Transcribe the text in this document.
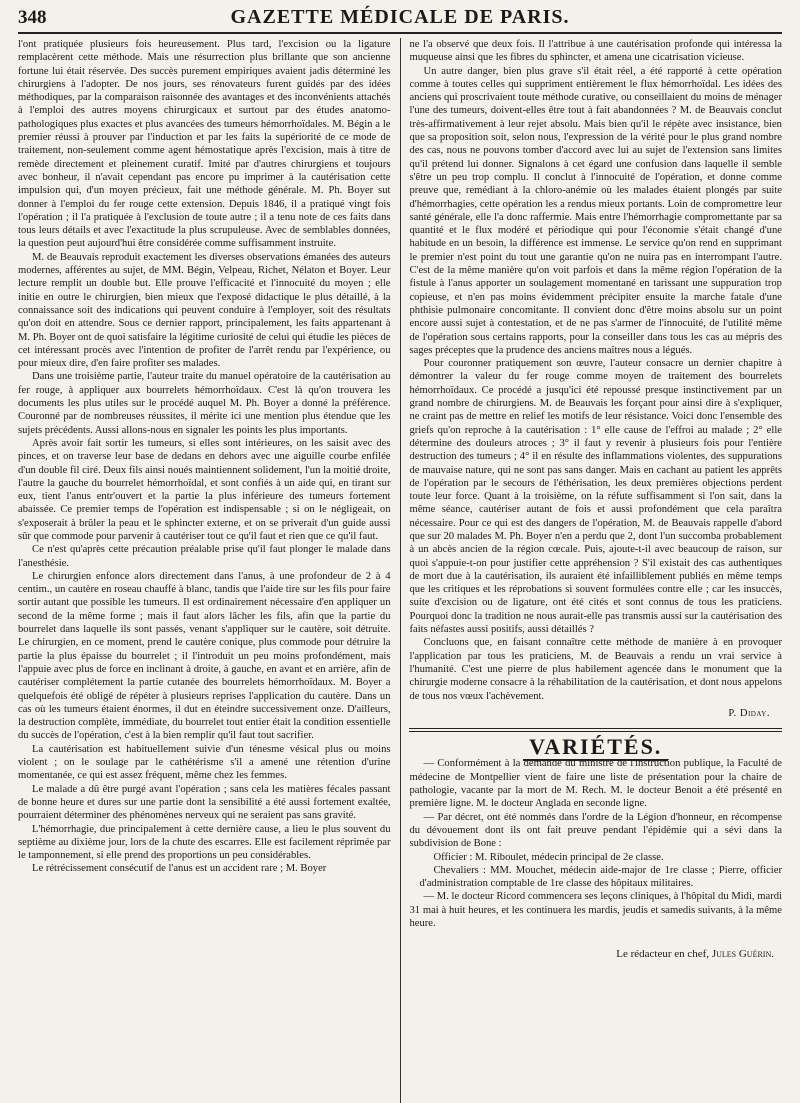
348	GAZETTE MÉDICALE DE PARIS.

l'ont pratiquée plusieurs fois heureusement. Plus tard, l'excision ou la ligature remplacèrent cette méthode. Mais une résurrection plus brillante que son ancienne fortune lui était réservée. Des succès purement empiriques avaient jadis déterminé les chirurgiens à l'adopter. De nos jours, ses rénovateurs furent guidés par des idées méthodiques, par la comparaison raisonnée des avantages et des inconvénients attachés à l'emploi des autres moyens chirurgicaux et surtout par des études anatomo-pathologiques plus exactes et plus avancées des tumeurs hémorrhoïdales. M. Bégin a le premier réussi à prouver par l'induction et par les faits la supériorité de ce mode de traitement, non-seulement comme agent hémostatique après l'excision, mais à titre de remède directement et pleinement curatif. Imité par d'autres chirurgiens et toujours avec bonheur, il n'avait cependant pas encore pu imprimer à la cautérisation cette impulsion qui, d'un moyen précieux, fait une méthode générale. M. Ph. Boyer sut donner à l'emploi du fer rouge cette extension. Depuis 1846, il a pratiqué vingt fois l'opération ; il l'a pratiquée à l'exclusion de toute autre ; il a tenu note de ces faits dans tous leurs détails et avec l'exactitude la plus scrupuleuse. Avec de semblables données, la question peut aujourd'hui être considérée comme suffisamment instruite.

M. de Beauvais reproduit exactement les diverses observations émanées des auteurs modernes, afférentes au sujet, de MM. Bégin, Velpeau, Richet, Nélaton et Boyer. Leur lecture remplit un double but. Elle prouve l'efficacité et l'innocuité du moyen ; elle initie en outre le chirurgien, bien mieux que l'exposé didactique le plus détaillé, à la connaissance soit des indications qui peuvent conduire à l'employer, soit des résultats qu'on doit en attendre. Sous ce dernier rapport, principalement, les faits appartenant à M. Ph. Boyer ont de quoi satisfaire la légitime curiosité de celui qui étudie les pièces de cet intéressant procès avec l'intention de profiter de l'arrêt rendu par l'expérience, ou pour mieux dire, d'en faire profiter ses malades.

Dans une troisième partie, l'auteur traite du manuel opératoire de la cautérisation au fer rouge, à appliquer aux bourrelets hémorrhoïdaux. C'est là qu'on trouvera les documents les plus utiles sur le procédé auquel M. Ph. Boyer a donné la préférence. Couronné par de nombreuses réussites, il mérite ici une mention plus étendue que les sujets précédents. Aussi allons-nous en signaler les points les plus importants.

Après avoir fait sortir les tumeurs, si elles sont intérieures, on les saisit avec des pinces, et on traverse leur base de dedans en dehors avec une aiguille courbe enfilée d'un double fil ciré. Deux fils ainsi noués maintiennent solidement, l'un la moitié droite, l'autre la gauche du bourrelet hémorrhoïdal, et sont confiés à un aide qui, en tirant sur eux, tient l'anus entr'ouvert et la partie la plus inférieure des tumeurs fortement abaissée. Ce premier temps de l'opération est indispensable ; si on le négligeait, on s'exposerait à brûler la peau et le sphincter externe, et on se priverait d'un guide aussi sûr que commode pour parvenir à cautériser tout ce qu'il faut et rien que ce qu'il faut.

Ce n'est qu'après cette précaution préalable prise qu'il faut plonger le malade dans l'anesthésie.

Le chirurgien enfonce alors directement dans l'anus, à une profondeur de 2 à 4 centim., un cautère en roseau chauffé à blanc, tandis que l'aide tire sur les fils pour faire sortir autant que possible les tumeurs. Il est ordinairement nécessaire d'en appliquer un second de la même forme ; mais il faut alors lâcher les fils, afin que la partie du bourrelet dans laquelle ils sont passés, venant s'appliquer sur le cautère, soit détruite. Le chirurgien, en ce moment, prend le cautère conique, plus commode pour détruire la partie la plus épaisse du bourrelet ; il l'introduit un peu moins profondément, mais l'appuie avec plus de force en inclinant à droite, à gauche, en avant et en arrière, afin de cautériser complétement la partie cutanée des bourrelets hémorrhoïdaux. M. Boyer a quelquefois été obligé de répéter à plusieurs reprises l'application du cautère. Dans un cas où les tumeurs étaient énormes, il dut en éteindre successivement onze. D'ailleurs, la destruction complète, immédiate, du bourrelet tout entier était la condition essentielle du succès de l'opération, c'est à la bien remplir qu'il faut tout sacrifier.

La cautérisation est habituellement suivie d'un ténesme vésical plus ou moins violent ; on le soulage par le cathétérisme s'il a amené une rétention d'urine momentanée, ce qui est assez fréquent, même chez les femmes.

Le malade a dû être purgé avant l'opération ; sans cela les matières fécales passant de bonne heure et dures sur une partie dont la sensibilité a été aussi fortement exaltée, pourraient déterminer des phénomènes nerveux qui ne seraient pas sans gravité.

L'hémorrhagie, due principalement à cette dernière cause, a lieu le plus souvent du septième au dixième jour, lors de la chute des escarres. Elle est facilement réprimée par le tamponnement, si elle prend des proportions un peu considérables.

Le rétrécissement consécutif de l'anus est un accident rare ; M. Boyer

ne l'a observé que deux fois. Il l'attribue à une cautérisation profonde qui intéressa la muqueuse ainsi que les fibres du sphincter, et amena une cicatrisation vicieuse.

Un autre danger, bien plus grave s'il était réel, a été rapporté à cette opération comme à toutes celles qui suppriment entièrement le flux hémorrhoïdal. Les idées des anciens qui proscrivaient toute méthode curative, ou conseillaient du moins de ménager l'une des tumeurs, doivent-elles être tout à fait abandonnées ? M. de Beauvais conclut très-affirmativement à leur rejet absolu. Mais bien qu'il le répète avec insistance, bien que sa proposition soit, selon nous, l'expression de la vérité pour le plus grand nombre des cas, nous ne pouvons tomber d'accord avec lui au sujet de l'extension sans limites qu'il prétend lui donner. Signalons à cet égard une confusion dans laquelle il semble s'être un peu trop complu. Il conclut à l'innocuité de l'opération, et donne comme preuve que, remédiant à la chloro-anémie où les malades étaient plongés par suite d'hémorrhagies, cette opération les a rendus mieux portants. Loin de compromettre leur santé générale, elle l'a donc raffermie. Mais entre l'hémorrhagie compromettante par sa quantité et le flux modéré et périodique qui pour l'économie s'était changé d'une habitude en un besoin, la différence est immense. Le service qu'on rend en supprimant le premier n'est point du tout une garantie qu'on ne nuira pas en interrompant l'autre. C'est de la même manière qu'on voit parfois et dans la même région l'opération de la fistule à l'anus apporter un soulagement momentané en tarissant une suppuration trop copieuse, et n'en pas moins évidemment précipiter ensuite la marche fatale d'une phthisie pulmonaire concomitante. Il convient donc d'être moins absolu sur un point encore aussi sujet à contestation, et de ne pas s'armer de l'innocuité, de l'utilité même de l'opération sous certains rapports, pour la conseiller dans tous les cas au mépris des sages préceptes que la prudence des anciens maîtres nous a légués.

Pour couronner pratiquement son œuvre, l'auteur consacre un dernier chapitre à démontrer la valeur du fer rouge comme moyen de traitement des bourrelets hémorrhoïdaux. Ce procédé a jusqu'ici été repoussé presque instinctivement par un grand nombre de chirurgiens. M. de Beauvais les forçant pour ainsi dire à s'expliquer, ne craint pas de mettre en relief les motifs de leur résistance. Voici donc l'ensemble des griefs qu'on reproche à la cautérisation : 1° elle cause de l'effroi au malade ; 2° elle détermine des douleurs atroces ; 3° il faut y revenir à plusieurs fois pour l'entière destruction des tumeurs ; 4° il en résulte des inflammations violentes, des suppurations de mauvaise nature, qui ne sont pas sans danger. Mais en cachant au patient les apprêts de l'opération par le secours de l'éthérisation, les deux premières objections perdent toute leur force. Quant à la troisième, on la réfute suffisamment si l'on sait, dans la même séance, cautériser autant de fois et aussi profondément que cela paraîtra nécessaire. Pour ce qui est des dangers de l'opération, M. de Beauvais rappelle d'abord que sur 20 malades M. Ph. Boyer n'en a perdu que 2, dont l'un succomba probablement à un abcès ancien de la région cœcale. Puis, ajoute-t-il avec beaucoup de raison, sur quoi s'appuie-t-on pour justifier cette appréhension ? S'il existait des cas authentiques de mort due à la cautérisation, ils auraient été infailliblement publiés en même temps que les critiques et les réprobations si souvent formulées contre elle ; car les insuccès, suite d'excision ou de ligature, ont été cités et sont connus de tous les praticiens. Pourquoi donc la tradition ne nous aurait-elle pas transmis aussi sur la cautérisation des faits néfastes aussi positifs, aussi détaillés ?

Concluons que, en faisant connaître cette méthode de manière à en provoquer l'application par tous les praticiens, M. de Beauvais a rendu un vrai service à l'humanité. C'est une pierre de plus habilement agencée dans le monument que la chirurgie moderne consacre à la réhabilitation de la cautérisation, et dont nous appelons de tous nos vœux l'achèvement.

P. Diday.
VARIÉTÉS.

— Conformément à la demande du ministre de l'instruction publique, la Faculté de médecine de Montpellier vient de faire une liste de présentation pour la chaire de pathologie, vacante par la mort de M. Rech. M. le docteur Benoit a été présenté en première ligne. M. le docteur Anglada en seconde ligne.

— Par décret, ont été nommés dans l'ordre de la Légion d'honneur, en récompense du dévouement dont ils ont fait preuve pendant l'épidémie qui a sévi dans la subdivision de Bone :

Officier : M. Riboulet, médecin principal de 2e classe.

Chevaliers : MM. Mouchet, médecin aide-major de 1re classe ; Pierre, officier d'administration comptable de 1re classe des hôpitaux militaires.

— M. le docteur Ricord commencera ses leçons cliniques, à l'hôpital du Midi, mardi 31 mai à huit heures, et les continuera les mardis, jeudis et samedis suivants, à la même heure.

Le rédacteur en chef, Jules Guérin.
